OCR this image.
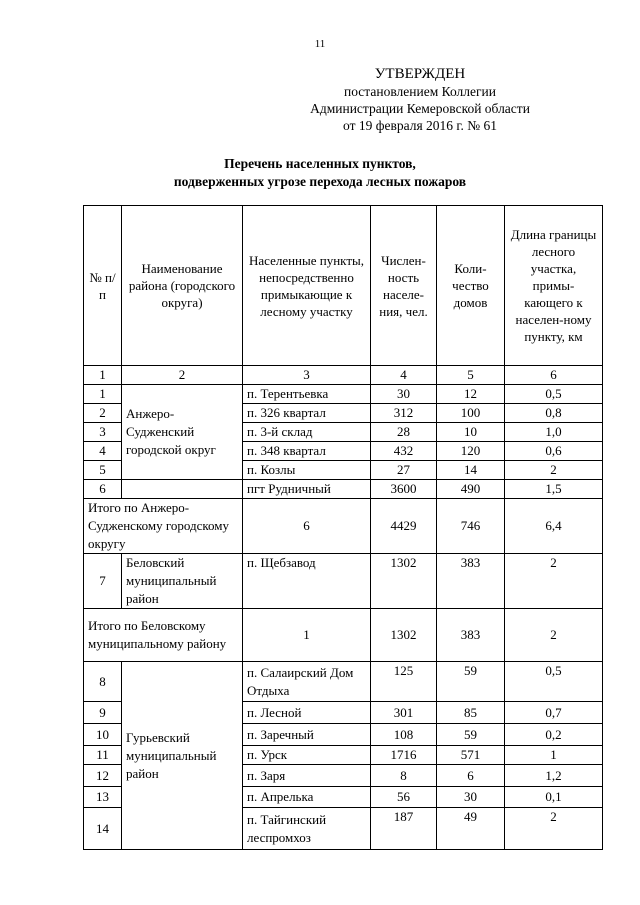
11
УТВЕРЖДЕН
постановлением Коллегии
Администрации Кемеровской области
от 19 февраля 2016 г. № 61
Перечень населенных пунктов,
подверженных угрозе перехода лесных пожаров
№ п/п	Наименование района (городского округа)	Населенные пункты, непосредственно примыкающие к лесному участку	Числен-ность населе-ния, чел.	Коли-чество домов	Длина границы лесного участка, примы-кающего к населен-ному пункту, км
1	2	3	4	5	6
1	Анжеро-Судженский городской округ	п. Терентьевка	30	12	0,5
2		п. 326 квартал	312	100	0,8
3		п. 3-й склад	28	10	1,0
4		п. 348 квартал	432	120	0,6
5		п. Козлы	27	14	2
6		пгт Рудничный	3600	490	1,5
Итого по Анжеро-Судженскому городскому округу		6	4429	746	6,4
7	Беловский муниципальный район	п. Щебзавод	1302	383	2
Итого по Беловскому муниципальному району		1	1302	383	2
8	Гурьевский муниципальный район	п. Салаирский Дом Отдыха	125	59	0,5
9		п. Лесной	301	85	0,7
10		п. Заречный	108	59	0,2
11		п. Урск	1716	571	1
12		п. Заря	8	6	1,2
13		п. Апрелька	56	30	0,1
14		п. Тайгинский леспромхоз	187	49	2
